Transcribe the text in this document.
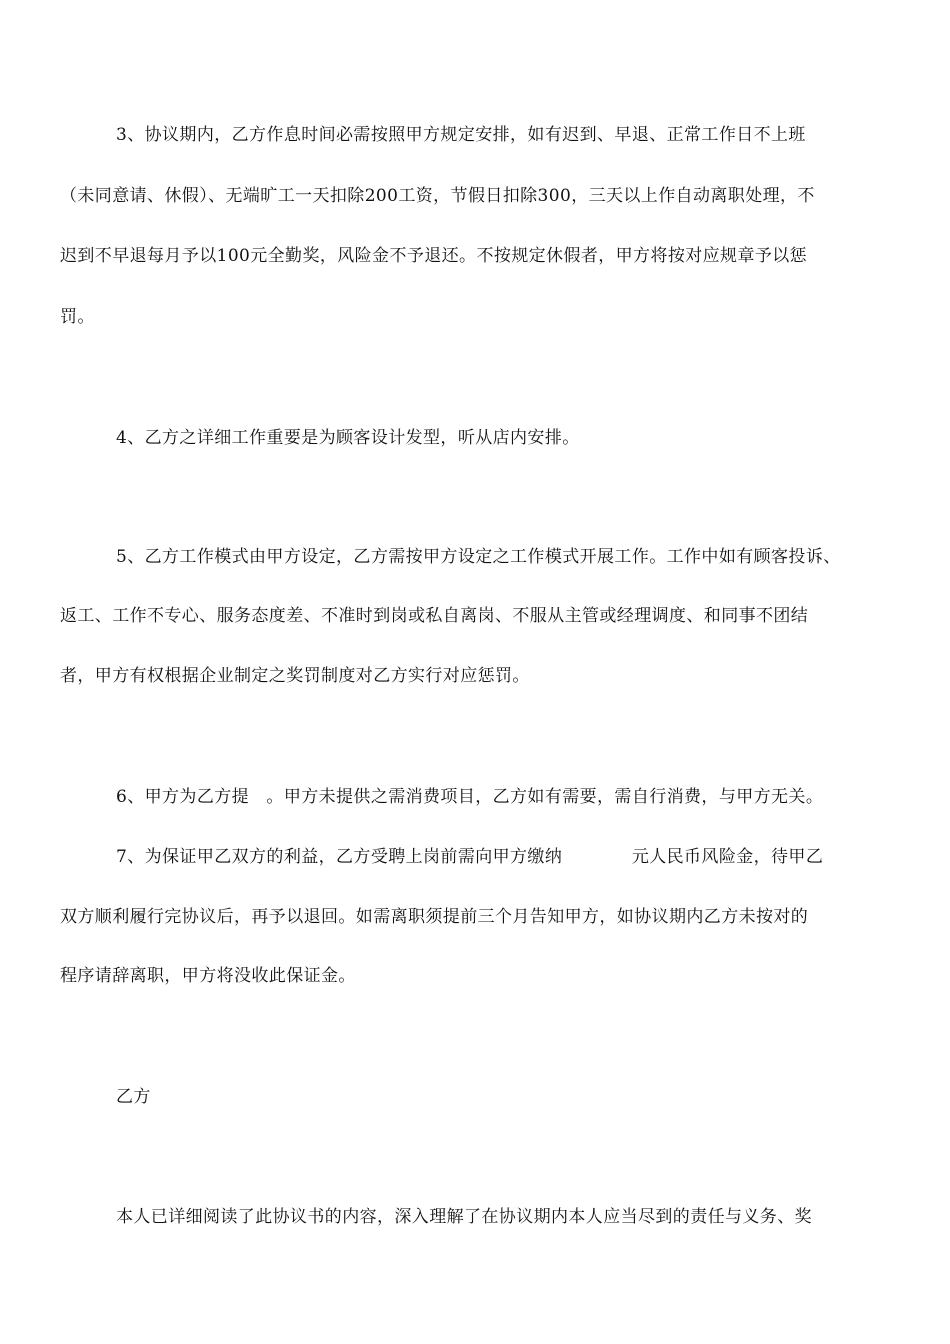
3、协议期内，乙方作息时间必需按照甲方规定安排，如有迟到、早退、正常工作日不上班
（未同意请、休假）、无端旷工一天扣除200工资，节假日扣除300，三天以上作自动离职处理，不
迟到不早退每月予以100元全勤奖，风险金不予退还。不按规定休假者，甲方将按对应规章予以惩
罚。
4、乙方之详细工作重要是为顾客设计发型，听从店内安排。
5、乙方工作模式由甲方设定，乙方需按甲方设定之工作模式开展工作。工作中如有顾客投诉、
返工、工作不专心、服务态度差、不准时到岗或私自离岗、不服从主管或经理调度、和同事不团结
者，甲方有权根据企业制定之奖罚制度对乙方实行对应惩罚。
6、甲方为乙方提　。甲方未提供之需消费项目，乙方如有需要，需自行消费，与甲方无关。
7、为保证甲乙双方的利益，乙方受聘上岗前需向甲方缴纳　　　　元人民币风险金，待甲乙
双方顺利履行完协议后，再予以退回。如需离职须提前三个月告知甲方，如协议期内乙方未按对的
程序请辞离职，甲方将没收此保证金。
乙方
本人已详细阅读了此协议书的内容，深入理解了在协议期内本人应当尽到的责任与义务、奖
